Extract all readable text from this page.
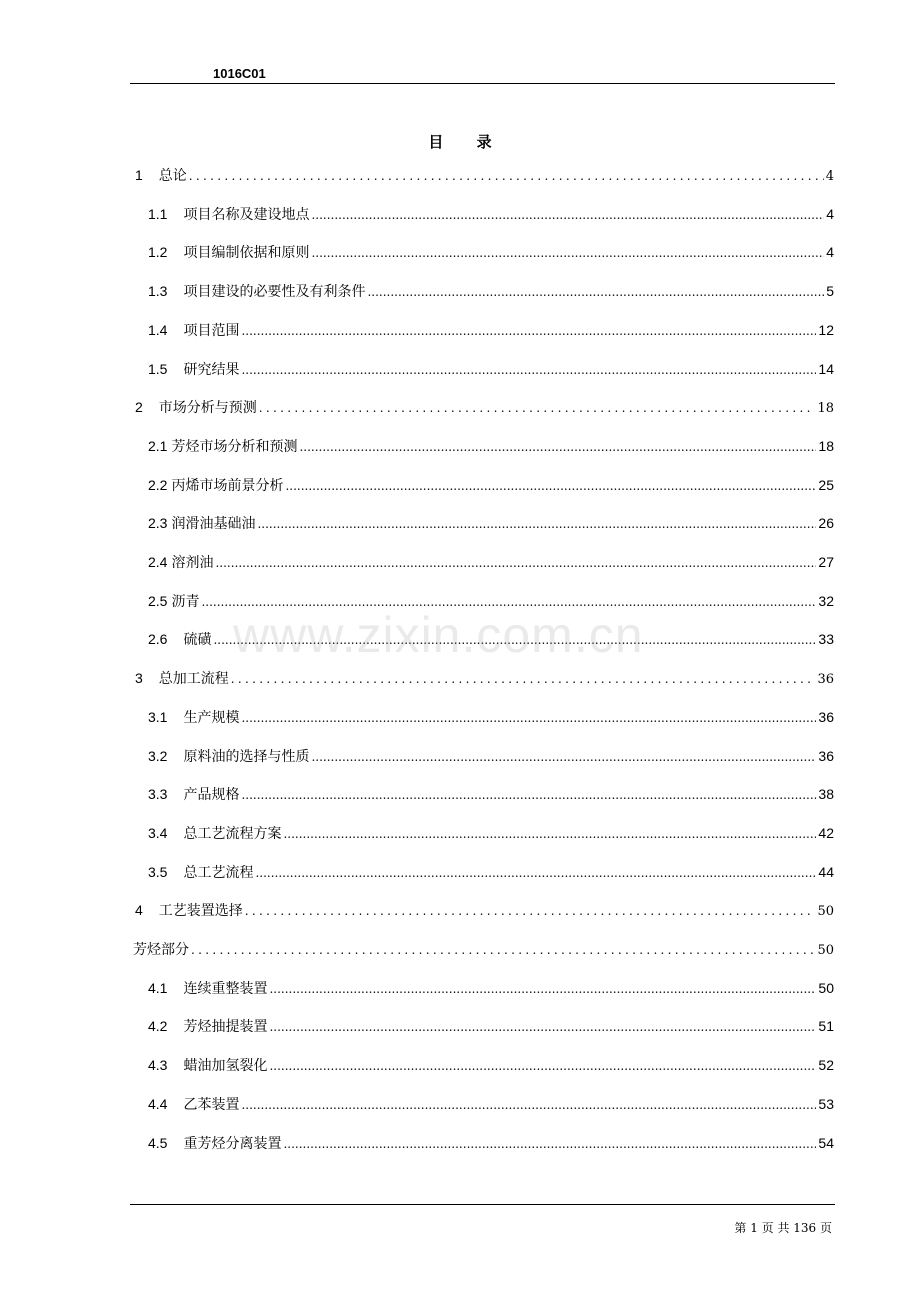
1016C01
目 录
1 总论 .....	4
1.1 项目名称及建设地点 .....	4
1.2 项目编制依据和原则 .....	4
1.3 项目建设的必要性及有利条件 .....	5
1.4 项目范围 .....	12
1.5 研究结果 .....	14
2 市场分析与预测 .....	18
2.1 芳烃市场分析和预测 .....	18
2.2 丙烯市场前景分析 .....	25
2.3 润滑油基础油 .....	26
2.4 溶剂油 .....	27
2.5 沥青 .....	32
2.6 硫磺 .....	33
3 总加工流程 .....	36
3.1 生产规模 .....	36
3.2 原料油的选择与性质 .....	36
3.3 产品规格 .....	38
3.4 总工艺流程方案 .....	42
3.5 总工艺流程 .....	44
4 工艺装置选择 .....	50
芳烃部分 .....	50
4.1 连续重整装置 .....	50
4.2 芳烃抽提装置 .....	51
4.3 蜡油加氢裂化 .....	52
4.4 乙苯装置 .....	53
4.5 重芳烃分离装置 .....	54
www.zixin.com.cn
第 1 页 共 136 页
